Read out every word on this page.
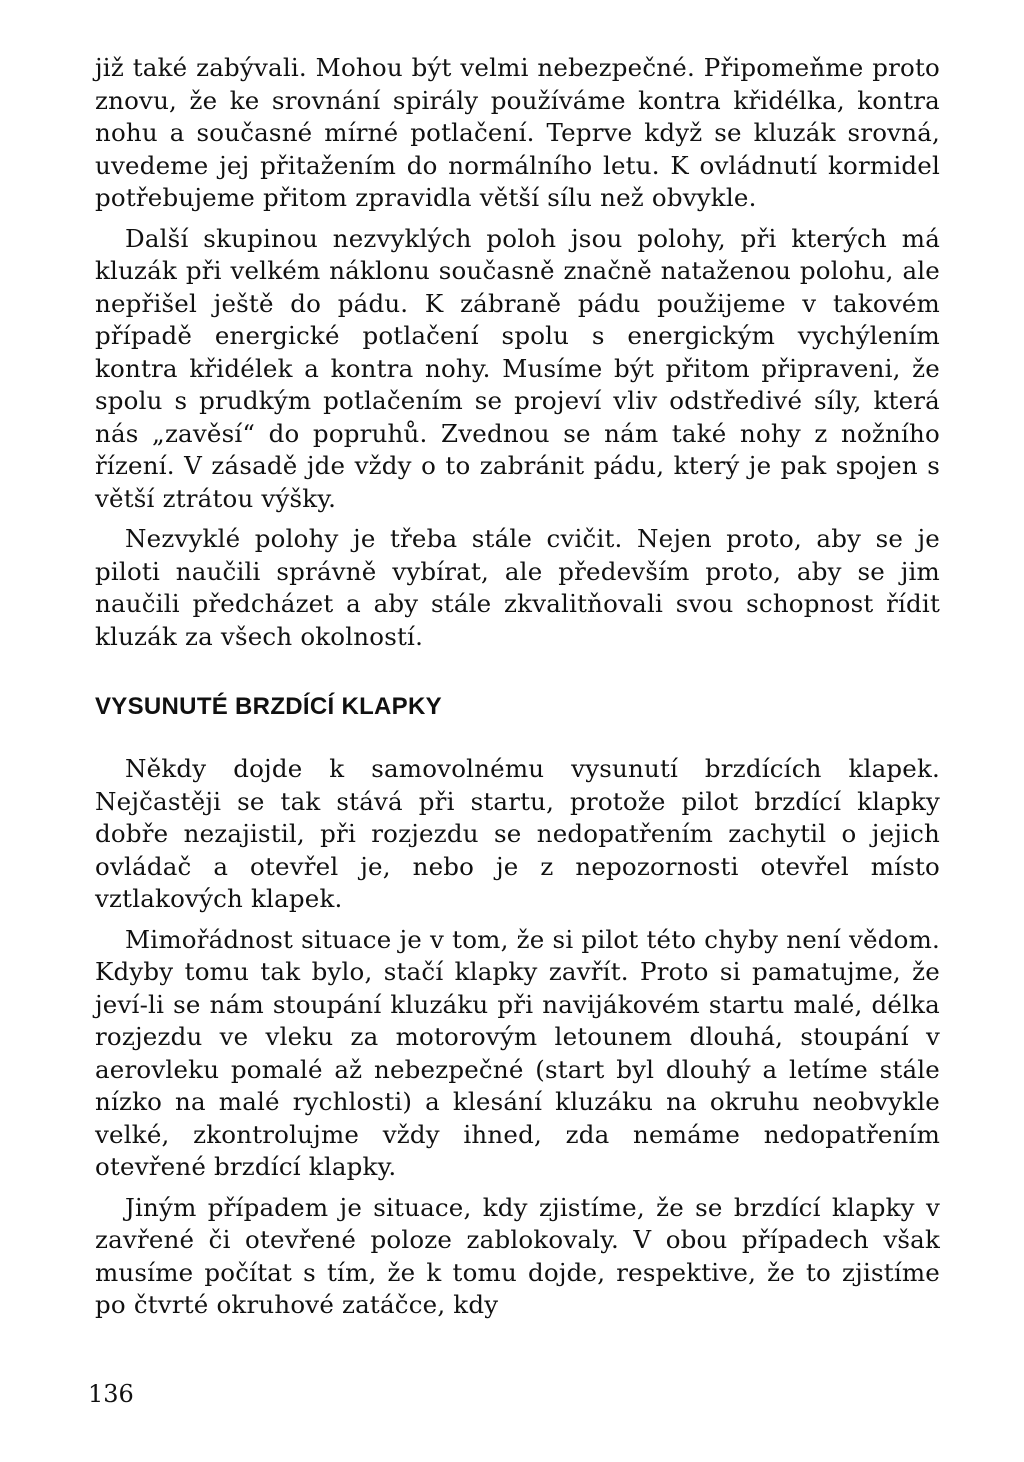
již také zabývali. Mohou být velmi nebezpečné. Připomeňme proto znovu, že ke srovnání spirály používáme kontra křidélka, kontra nohu a současné mírné potlačení. Teprve když se kluzák srovná, uvedeme jej přitažením do normálního letu. K ovládnutí kormidel potřebujeme přitom zpravidla větší sílu než obvykle.

Další skupinou nezvyklých poloh jsou polohy, při kterých má kluzák při velkém náklonu současně značně nataženou polohu, ale nepřišel ještě do pádu. K zábraně pádu použijeme v takovém případě energické potlačení spolu s energickým vychýlením kontra křidélek a kontra nohy. Musíme být přitom připraveni, že spolu s prudkým potlačením se projeví vliv odstředivé síly, která nás „zavěsí“ do popruhů. Zvednou se nám také nohy z nožního řízení. V zásadě jde vždy o to zabránit pádu, který je pak spojen s větší ztrátou výšky.

Nezvyklé polohy je třeba stále cvičit. Nejen proto, aby se je piloti naučili správně vybírat, ale především proto, aby se jim naučili předcházet a aby stále zkvalitňovali svou schopnost řídit kluzák za všech okolností.

VYSUNUTÉ BRZDÍCÍ KLAPKY

Někdy dojde k samovolnému vysunutí brzdících klapek. Nejčastěji se tak stává při startu, protože pilot brzdící klapky dobře nezajistil, při rozjezdu se nedopatřením zachytil o jejich ovládač a otevřel je, nebo je z nepozornosti otevřel místo vztlakových klapek.

Mimořádnost situace je v tom, že si pilot této chyby není vědom. Kdyby tomu tak bylo, stačí klapky zavřít. Proto si pamatujme, že jeví-li se nám stoupání kluzáku při navijákovém startu malé, délka rozjezdu ve vleku za motorovým letounem dlouhá, stoupání v aerovleku pomalé až nebezpečné (start byl dlouhý a letíme stále nízko na malé rychlosti) a klesání kluzáku na okruhu neobvykle velké, zkontrolujme vždy ihned, zda nemáme nedopatřením otevřené brzdící klapky.

Jiným případem je situace, kdy zjistíme, že se brzdící klapky v zavřené či otevřené poloze zablokovaly. V obou případech však musíme počítat s tím, že k tomu dojde, respektive, že to zjistíme po čtvrté okruhové zatáčce, kdy

136
